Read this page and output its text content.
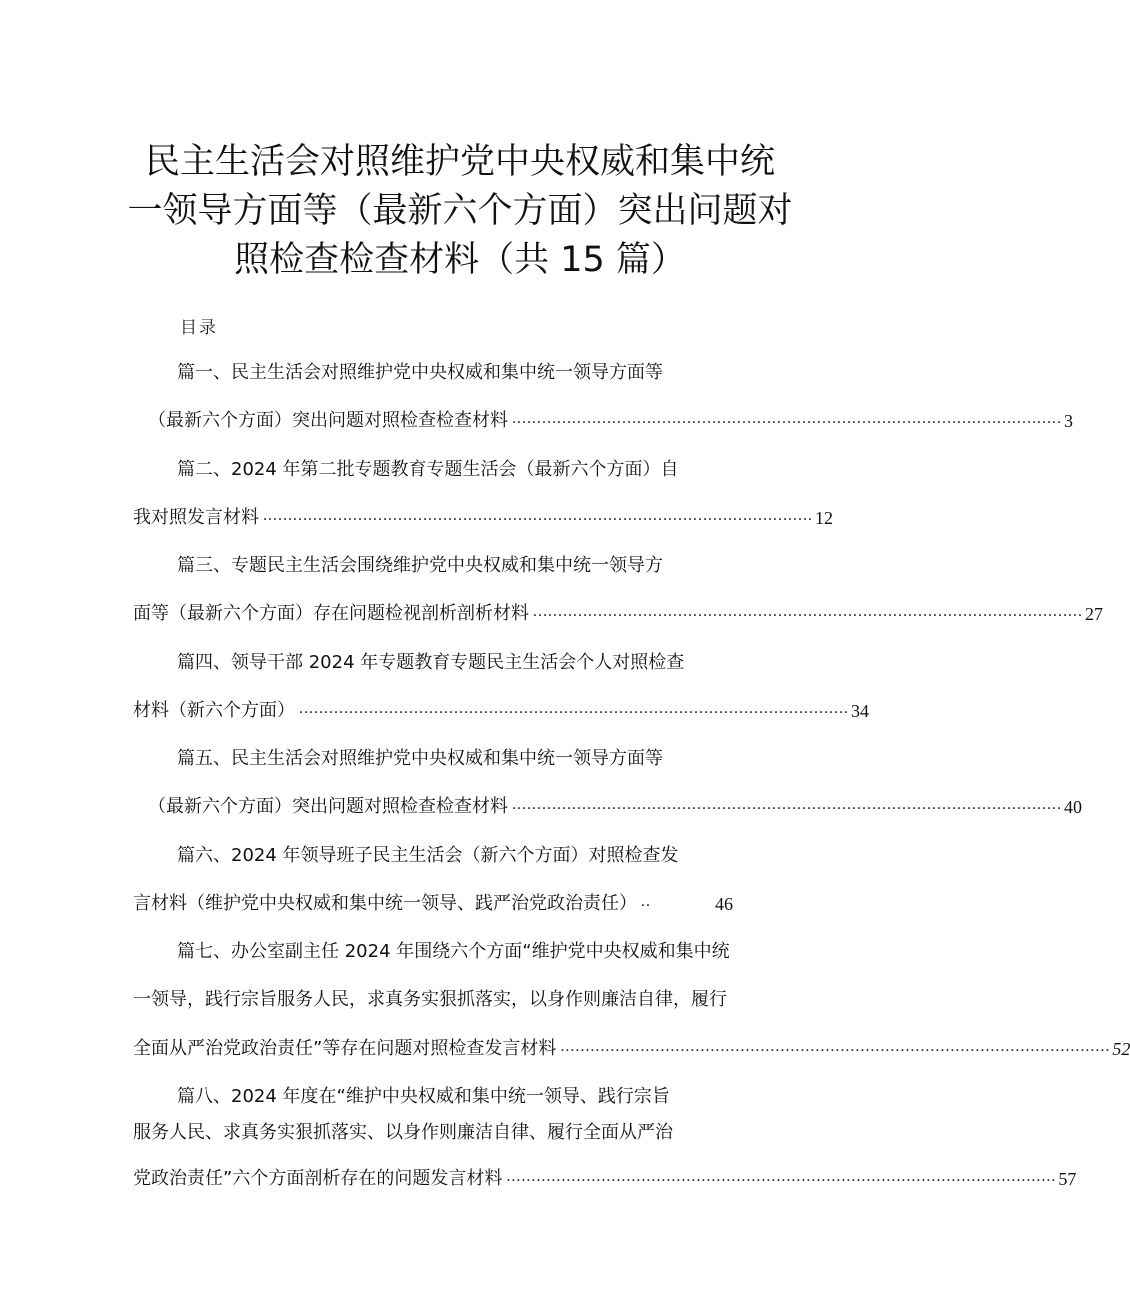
民主生活会对照维护党中央权威和集中统
一领导方面等（最新六个方面）突出问题对
照检查检查材料（共 15 篇）
目录
篇一、民主生活会对照维护党中央权威和集中统一领导方面等
（最新六个方面）突出问题对照检查检查材料 .............................................................................................................. 3
篇二、2024 年第二批专题教育专题生活会（最新六个方面）自
我对照发言材料 .............................................................................................................. 12
篇三、专题民主生活会围绕维护党中央权威和集中统一领导方
面等（最新六个方面）存在问题检视剖析剖析材料 .............................................................................................................. 27
篇四、领导干部 2024 年专题教育专题民主生活会个人对照检查
材料（新六个方面） .............................................................................................................. 34
篇五、民主生活会对照维护党中央权威和集中统一领导方面等
（最新六个方面）突出问题对照检查检查材料 .............................................................................................................. 40
篇六、2024 年领导班子民主生活会（新六个方面）对照检查发
言材料（维护党中央权威和集中统一领导、践严治党政治责任） ..	46
篇七、办公室副主任 2024 年围绕六个方面“维护党中央权威和集中统
一领导，践行宗旨服务人民，求真务实狠抓落实，以身作则廉洁自律，履行
全面从严治党政治责任”等存在问题对照检查发言材料 .............................................................................................................. 52
篇八、2024 年度在“维护中央权威和集中统一领导、践行宗旨
服务人民、求真务实狠抓落实、以身作则廉洁自律、履行全面从严治
党政治责任”六个方面剖析存在的问题发言材料 .............................................................................................................. 57
